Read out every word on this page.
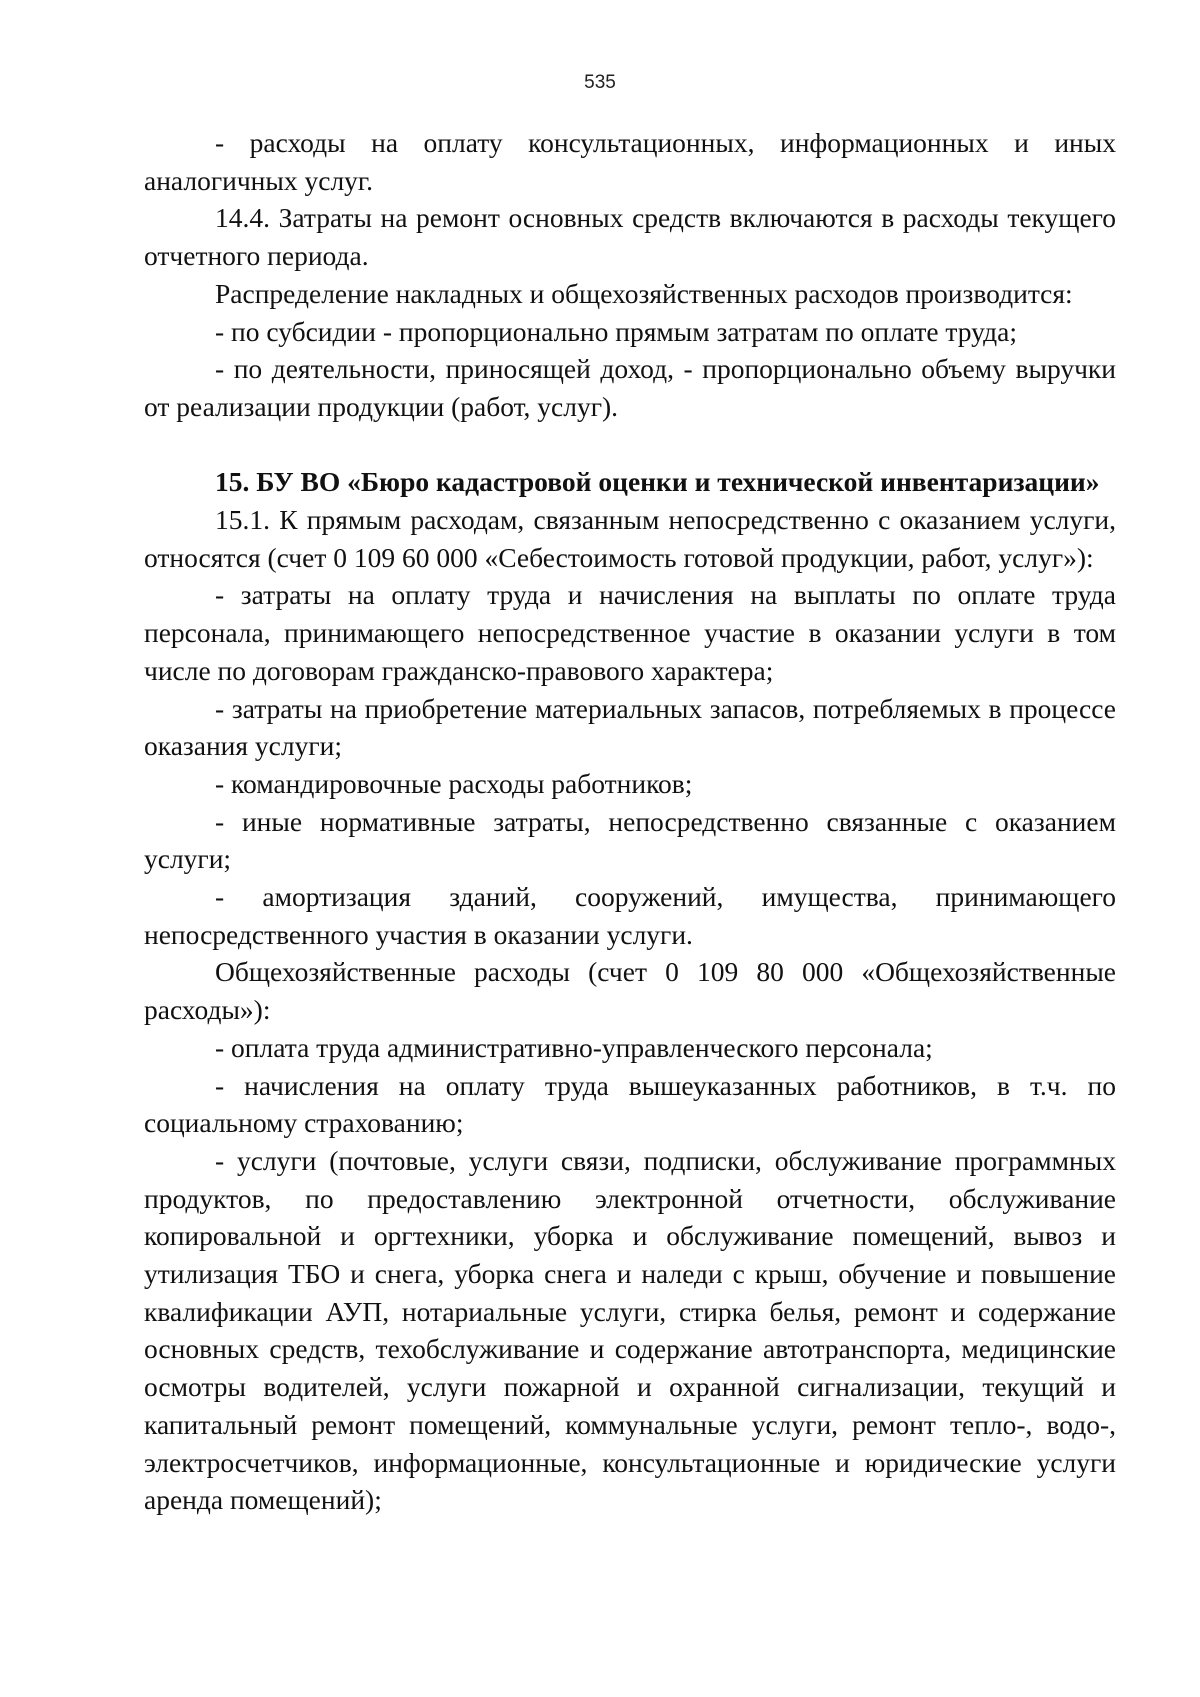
535

- расходы на оплату консультационных, информационных и иных аналогичных услуг.

14.4. Затраты на ремонт основных средств включаются в расходы текущего отчетного периода.

Распределение накладных и общехозяйственных расходов производится:

- по субсидии - пропорционально прямым затратам по оплате труда;

- по деятельности, приносящей доход, - пропорционально объему выручки от реализации продукции (работ, услуг).

15. БУ ВО «Бюро кадастровой оценки и технической инвентаризации»

15.1. К прямым расходам, связанным непосредственно с оказанием услуги, относятся (счет 0 109 60 000 «Себестоимость готовой продукции, работ, услуг»):

- затраты на оплату труда и начисления на выплаты по оплате труда персонала, принимающего непосредственное участие в оказании услуги в том числе по договорам гражданско-правового характера;

- затраты на приобретение материальных запасов, потребляемых в процессе оказания услуги;

- командировочные расходы работников;

- иные нормативные затраты, непосредственно связанные с оказанием услуги;

- амортизация зданий, сооружений, имущества, принимающего непосредственного участия в оказании услуги.

Общехозяйственные расходы (счет 0 109 80 000 «Общехозяйственные расходы»):

- оплата труда административно-управленческого персонала;

- начисления на оплату труда вышеуказанных работников, в т.ч. по социальному страхованию;

- услуги (почтовые, услуги связи, подписки, обслуживание программных продуктов, по предоставлению электронной отчетности, обслуживание копировальной и оргтехники, уборка и обслуживание помещений, вывоз и утилизация ТБО и снега, уборка снега и наледи с крыш, обучение и повышение квалификации АУП, нотариальные услуги, стирка белья, ремонт и содержание основных средств, техобслуживание и содержание автотранспорта, медицинские осмотры водителей, услуги пожарной и охранной сигнализации, текущий и капитальный ремонт помещений, коммунальные услуги, ремонт тепло-, водо-, электросчетчиков, информационные, консультационные и юридические услуги аренда помещений);
